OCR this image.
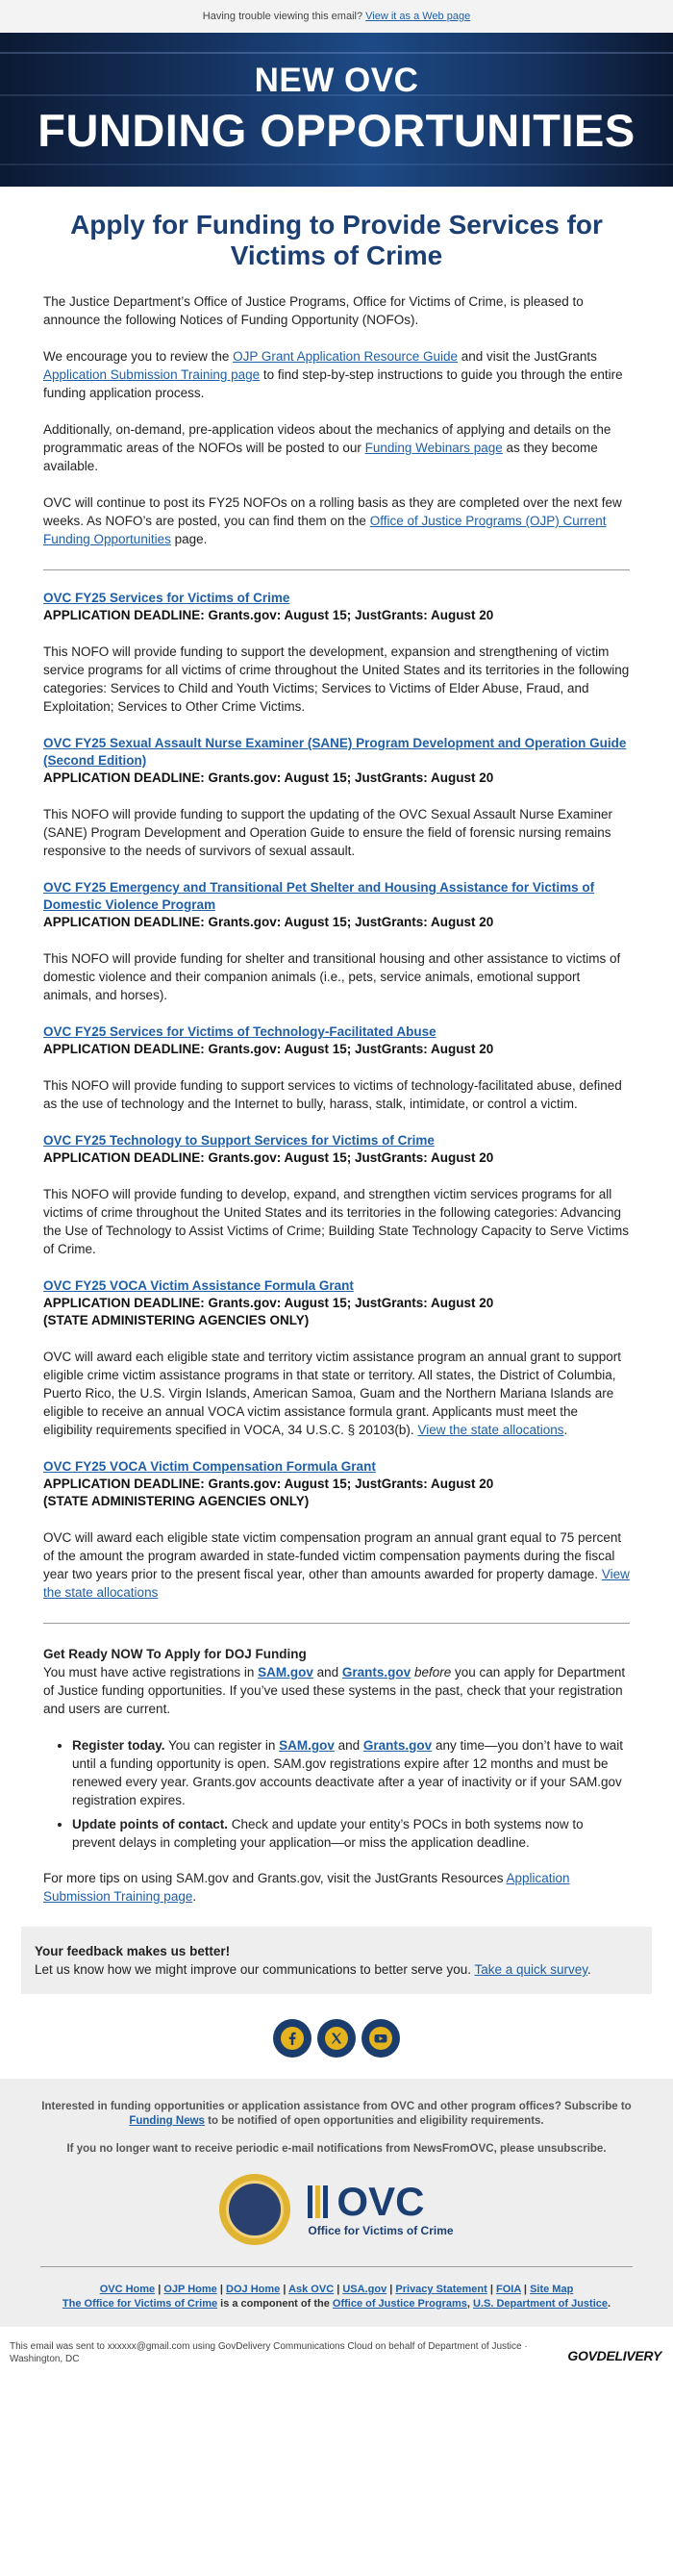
Having trouble viewing this email? View it as a Web page
NEW OVC
FUNDING OPPORTUNITIES
Apply for Funding to Provide Services for Victims of Crime

The Justice Department’s Office of Justice Programs, Office for Victims of Crime, is pleased to announce the following Notices of Funding Opportunity (NOFOs).

We encourage you to review the OJP Grant Application Resource Guide and visit the JustGrants Application Submission Training page to find step-by-step instructions to guide you through the entire funding application process.

Additionally, on-demand, pre-application videos about the mechanics of applying and details on the programmatic areas of the NOFOs will be posted to our Funding Webinars page as they become available.

OVC will continue to post its FY25 NOFOs on a rolling basis as they are completed over the next few weeks. As NOFO’s are posted, you can find them on the Office of Justice Programs (OJP) Current Funding Opportunities page.

OVC FY25 Services for Victims of Crime
APPLICATION DEADLINE: Grants.gov: August 15; JustGrants: August 20

This NOFO will provide funding to support the development, expansion and strengthening of victim service programs for all victims of crime throughout the United States and its territories in the following categories: Services to Child and Youth Victims; Services to Victims of Elder Abuse, Fraud, and Exploitation; Services to Other Crime Victims.

OVC FY25 Sexual Assault Nurse Examiner (SANE) Program Development and Operation Guide (Second Edition)
APPLICATION DEADLINE: Grants.gov: August 15; JustGrants: August 20

This NOFO will provide funding to support the updating of the OVC Sexual Assault Nurse Examiner (SANE) Program Development and Operation Guide to ensure the field of forensic nursing remains responsive to the needs of survivors of sexual assault.

OVC FY25 Emergency and Transitional Pet Shelter and Housing Assistance for Victims of Domestic Violence Program
APPLICATION DEADLINE: Grants.gov: August 15; JustGrants: August 20

This NOFO will provide funding for shelter and transitional housing and other assistance to victims of domestic violence and their companion animals (i.e., pets, service animals, emotional support animals, and horses).

OVC FY25 Services for Victims of Technology-Facilitated Abuse
APPLICATION DEADLINE: Grants.gov: August 15; JustGrants: August 20

This NOFO will provide funding to support services to victims of technology-facilitated abuse, defined as the use of technology and the Internet to bully, harass, stalk, intimidate, or control a victim.

OVC FY25 Technology to Support Services for Victims of Crime
APPLICATION DEADLINE: Grants.gov: August 15; JustGrants: August 20

This NOFO will provide funding to develop, expand, and strengthen victim services programs for all victims of crime throughout the United States and its territories in the following categories: Advancing the Use of Technology to Assist Victims of Crime; Building State Technology Capacity to Serve Victims of Crime.

OVC FY25 VOCA Victim Assistance Formula Grant
APPLICATION DEADLINE: Grants.gov: August 15; JustGrants: August 20
(STATE ADMINISTERING AGENCIES ONLY)

OVC will award each eligible state and territory victim assistance program an annual grant to support eligible crime victim assistance programs in that state or territory. All states, the District of Columbia, Puerto Rico, the U.S. Virgin Islands, American Samoa, Guam and the Northern Mariana Islands are eligible to receive an annual VOCA victim assistance formula grant. Applicants must meet the eligibility requirements specified in VOCA, 34 U.S.C. § 20103(b). View the state allocations.

OVC FY25 VOCA Victim Compensation Formula Grant
APPLICATION DEADLINE: Grants.gov: August 15; JustGrants: August 20
(STATE ADMINISTERING AGENCIES ONLY)

OVC will award each eligible state victim compensation program an annual grant equal to 75 percent of the amount the program awarded in state-funded victim compensation payments during the fiscal year two years prior to the present fiscal year, other than amounts awarded for property damage. View the state allocations

Get Ready NOW To Apply for DOJ Funding

You must have active registrations in SAM.gov and Grants.gov before you can apply for Department of Justice funding opportunities. If you’ve used these systems in the past, check that your registration and users are current.

• Register today. You can register in SAM.gov and Grants.gov any time—you don’t have to wait until a funding opportunity is open. SAM.gov registrations expire after 12 months and must be renewed every year. Grants.gov accounts deactivate after a year of inactivity or if your SAM.gov registration expires.
• Update points of contact. Check and update your entity’s POCs in both systems now to prevent delays in completing your application—or miss the application deadline.

For more tips on using SAM.gov and Grants.gov, visit the JustGrants Resources Application Submission Training page.

Your feedback makes us better!
Let us know how we might improve our communications to better serve you. Take a quick survey.

Interested in funding opportunities or application assistance from OVC and other program offices? Subscribe to Funding News to be notified of open opportunities and eligibility requirements.

If you no longer want to receive periodic e-mail notifications from NewsFromOVC, please unsubscribe.

OVC
Office for Victims of Crime
OVC Home | OJP Home | DOJ Home | Ask OVC | USA.gov | Privacy Statement | FOIA | Site Map
The Office for Victims of Crime is a component of the Office of Justice Programs, U.S. Department of Justice.
This email was sent to xxxxxx@gmail.com using GovDelivery Communications Cloud on behalf of Department of Justice · Washington, DC	GOVDELIVERY
